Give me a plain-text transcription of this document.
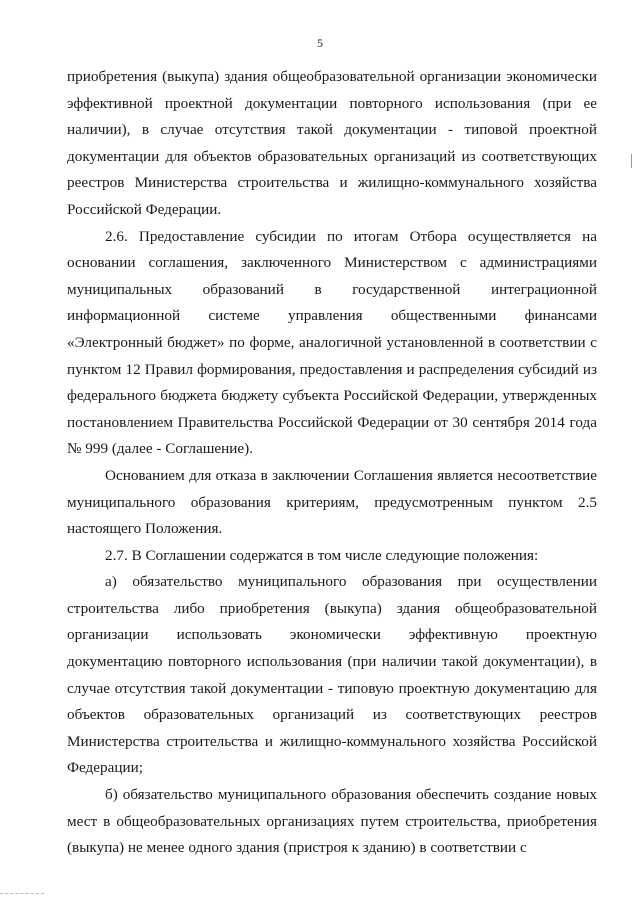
5

приобретения (выкупа) здания общеобразовательной организации экономически эффективной проектной документации повторного использования (при ее наличии), в случае отсутствия такой документации - типовой проектной документации для объектов образовательных организаций из соответствующих реестров Министерства строительства и жилищно-коммунального хозяйства Российской Федерации.

2.6. Предоставление субсидии по итогам Отбора осуществляется на основании соглашения, заключенного Министерством с администрациями муниципальных образований в государственной интеграционной информационной системе управления общественными финансами «Электронный бюджет» по форме, аналогичной установленной в соответствии с пунктом 12 Правил формирования, предоставления и распределения субсидий из федерального бюджета бюджету субъекта Российской Федерации, утвержденных постановлением Правительства Российской Федерации от 30 сентября 2014 года № 999 (далее - Соглашение).

Основанием для отказа в заключении Соглашения является несоответствие муниципального образования критериям, предусмотренным пунктом 2.5 настоящего Положения.

2.7. В Соглашении содержатся в том числе следующие положения:

а) обязательство муниципального образования при осуществлении строительства либо приобретения (выкупа) здания общеобразовательной организации использовать экономически эффективную проектную документацию повторного использования (при наличии такой документации), в случае отсутствия такой документации - типовую проектную документацию для объектов образовательных организаций из соответствующих реестров Министерства строительства и жилищно-коммунального хозяйства Российской Федерации;

б) обязательство муниципального образования обеспечить создание новых мест в общеобразовательных организациях путем строительства, приобретения (выкупа) не менее одного здания (пристроя к зданию) в соответствии с
